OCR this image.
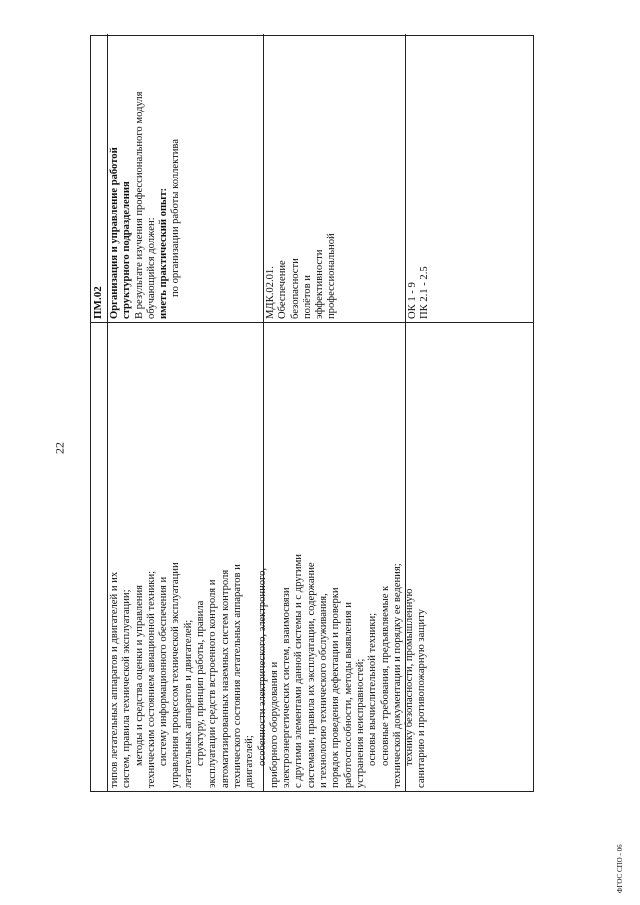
22
ПМ.02

типов летательных аппаратов и двигателей и их систем, правила технической эксплуатации; методы и средства оценки и управления техническим состоянием авиационной техники; систему информационного обеспечения и управления процессом технической эксплуатации летательных аппаратов и двигателей; структуру, принцип работы, правила эксплуатации средств встроенного контроля и автоматизированных наземных систем контроля технического состояния летательных аппаратов и двигателей; особенности электрического, электронного, приборного оборудования и электроэнергетических систем, взаимосвязи с другими элементами данной системы и с другими системами, правила их эксплуатации, содержание и технологию технического обслуживания, порядок проведения дефектации и проверки работоспособности, методы выявления и устранения неисправностей; основы вычислительной техники; основные требования, предъявляемые к технической документации и порядку ее ведения; технику безопасности, промышленную санитарию и противопожарную защиту

Организация и управление работой структурного подразделения В результате изучения профессионального модуля обучающийся должен: иметь практический опыт: по организации работы коллектива	МДК.02.01. Обеспечение безопасности полётов и эффективности профессиональной	ОК 1 - 9 ПК 2.1 - 2.5

ФГОС СПО - 06
